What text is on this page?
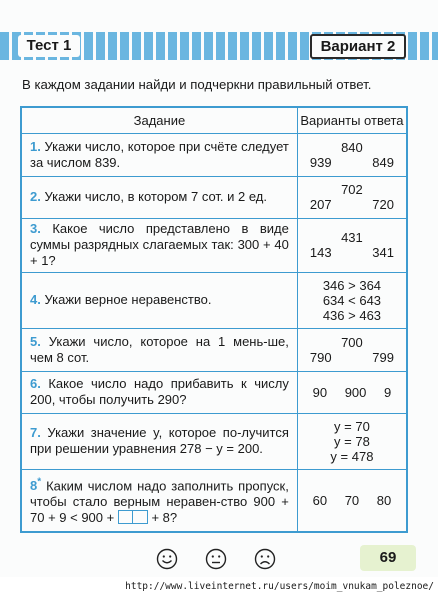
Тест 1	Вариант 2
В каждом задании найди и подчеркни правильный ответ.
Задание	Варианты ответа
1. Укажи число, которое при счёте следует за числом 839.	840
939 849

2. Укажи число, в котором 7 сот. и 2 ед.	702
207 720

3. Какое число представлено в виде суммы разрядных слагаемых так: 300 + 40 + 1?	431
143 341

4. Укажи верное неравенство.	346 > 364
634 < 643
436 > 463

5. Укажи число, которое на 1 мень-ше, чем 8 сот.	700
790 799

6. Какое число надо прибавить к числу 200, чтобы получить 290?	90 900 9

7. Укажи значение y, которое по-лучится при решении уравнения 278 − y = 200.	y = 70
y = 78
y = 478

8* Каким числом надо заполнить пропуск, чтобы стало верным неравен-ство 900 + 70 + 9 < 900 + + 8?	60 70 80
69
http://www.liveinternet.ru/users/moim_vnukam_poleznoe/
